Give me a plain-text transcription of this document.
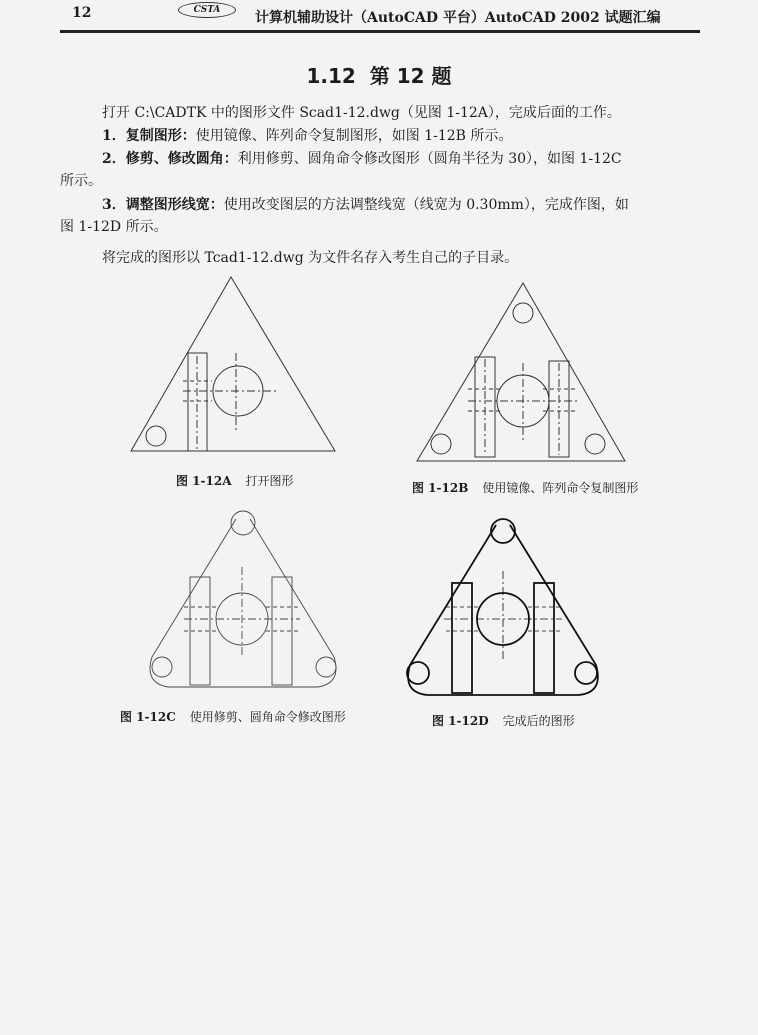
12	CSTA	计算机辅助设计（AutoCAD 平台）AutoCAD 2002 试题汇编
1.12 第 12 题
打开 C:\CADTK 中的图形文件 Scad1-12.dwg（见图 1-12A），完成后面的工作。
1．复制图形：使用镜像、阵列命令复制图形，如图 1-12B 所示。
2．修剪、修改圆角：利用修剪、圆角命令修改图形（圆角半径为 30），如图 1-12C
所示。
3．调整图形线宽：使用改变图层的方法调整线宽（线宽为 0.30mm），完成作图，如
图 1-12D 所示。
将完成的图形以 Tcad1-12.dwg 为文件名存入考生自己的子目录。
图 1-12A 打开图形	图 1-12B 使用镜像、阵列命令复制图形
图 1-12C 使用修剪、圆角命令修改图形	图 1-12D 完成后的图形
